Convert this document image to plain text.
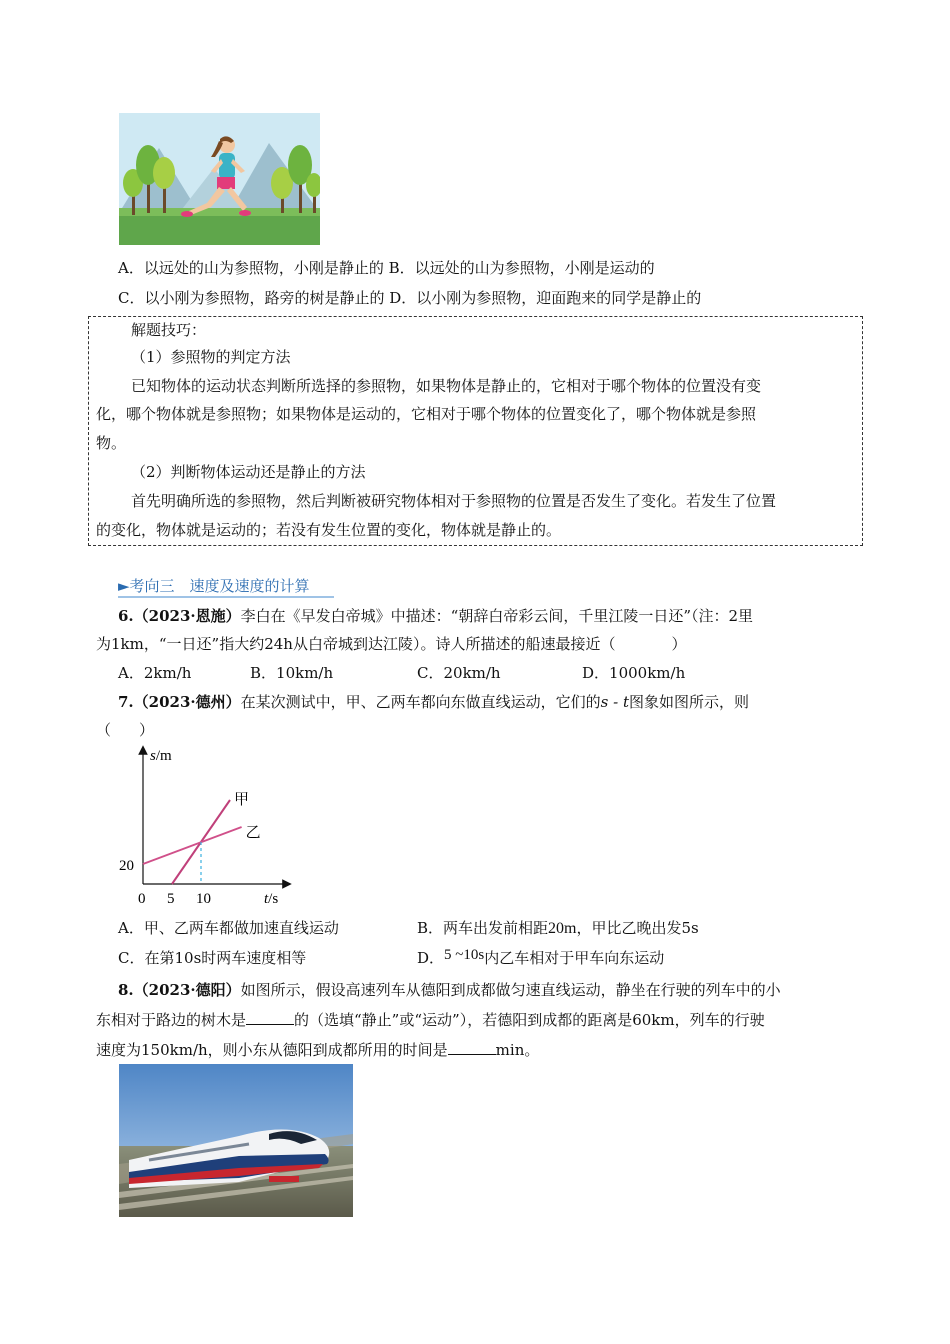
A．以远处的山为参照物，小刚是静止的 B．以远处的山为参照物，小刚是运动的
C．以小刚为参照物，路旁的树是静止的 D．以小刚为参照物，迎面跑来的同学是静止的
解题技巧：
（1）参照物的判定方法
已知物体的运动状态判断所选择的参照物，如果物体是静止的，它相对于哪个物体的位置没有变
化，哪个物体就是参照物；如果物体是运动的，它相对于哪个物体的位置变化了，哪个物体就是参照
物。
（2）判断物体运动还是静止的方法
首先明确所选的参照物，然后判断被研究物体相对于参照物的位置是否发生了变化。若发生了位置
的变化，物体就是运动的；若没有发生位置的变化，物体就是静止的。
►考向三　速度及速度的计算
6.（2023·恩施）李白在《早发白帝城》中描述：“朝辞白帝彩云间，千里江陵一日还”（注：2里
为1km，“一日还”指大约24h从白帝城到达江陵）。诗人所描述的船速最接近（	）
A．2km/h	B．10km/h	C．20km/h	D．1000km/h
7.（2023·德州）在某次测试中，甲、乙两车都向东做直线运动，它们的s - t图象如图所示，则
（ ）
甲
乙
0 5 10
20
s/m
t/s
A．甲、乙两车都做加速直线运动	B．两车出发前相距20m，甲比乙晚出发5s
C．在第10s时两车速度相等	D．5 ~10s内乙车相对于甲车向东运动
8.（2023·德阳）如图所示，假设高速列车从德阳到成都做匀速直线运动，静坐在行驶的列车中的小
东相对于路边的树木是	的（选填“静止”或“运动”），若德阳到成都的距离是60km，列车的行驶
速度为150km/h，则小东从德阳到成都所用的时间是	min。
